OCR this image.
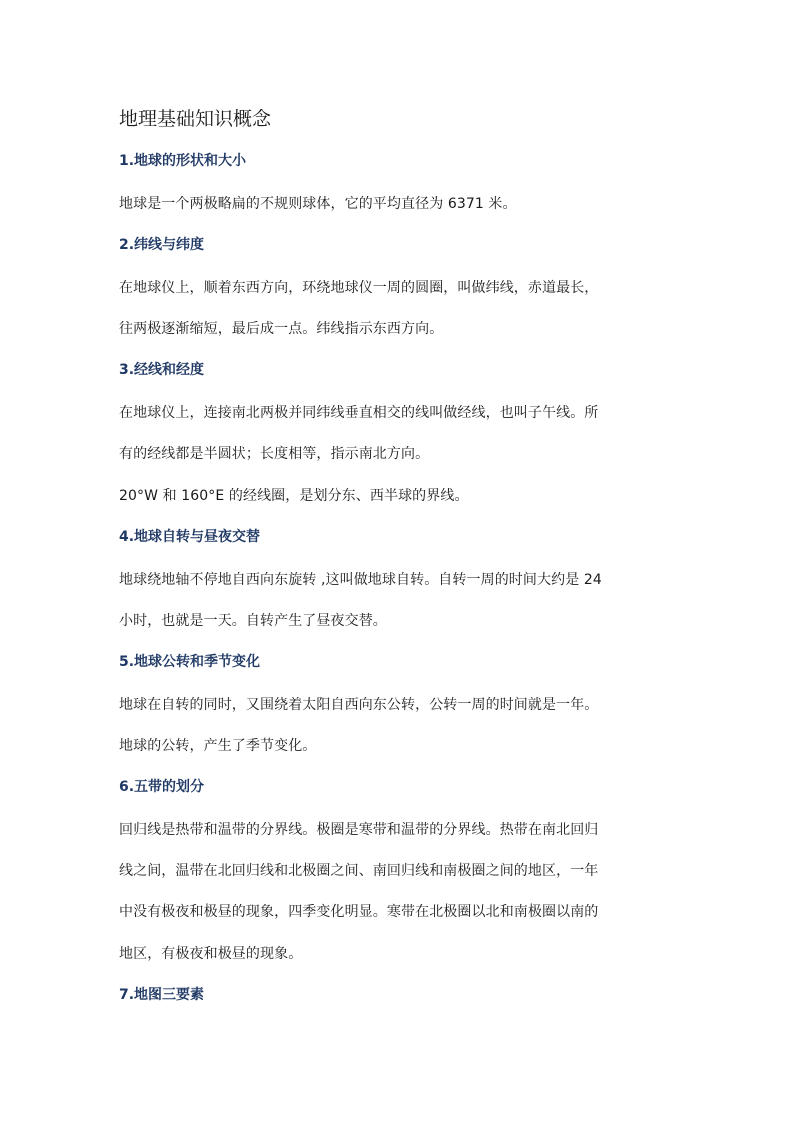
地理基础知识概念
1.地球的形状和大小
地球是一个两极略扁的不规则球体，它的平均直径为 6371 米。
2.纬线与纬度
在地球仪上，顺着东西方向，环绕地球仪一周的圆圈，叫做纬线，赤道最长，
往两极逐渐缩短，最后成一点。纬线指示东西方向。
3.经线和经度
在地球仪上，连接南北两极并同纬线垂直相交的线叫做经线，也叫子午线。所
有的经线都是半圆状；长度相等，指示南北方向。
20°W 和 160°E 的经线圈，是划分东、西半球的界线。
4.地球自转与昼夜交替
地球绕地轴不停地自西向东旋转 ,这叫做地球自转。自转一周的时间大约是 24
小时，也就是一天。自转产生了昼夜交替。
5.地球公转和季节变化
地球在自转的同时，又围绕着太阳自西向东公转，公转一周的时间就是一年。
地球的公转，产生了季节变化。
6.五带的划分
回归线是热带和温带的分界线。极圈是寒带和温带的分界线。热带在南北回归
线之间，温带在北回归线和北极圈之间、南回归线和南极圈之间的地区，一年
中没有极夜和极昼的现象，四季变化明显。寒带在北极圈以北和南极圈以南的
地区，有极夜和极昼的现象。
7.地图三要素
